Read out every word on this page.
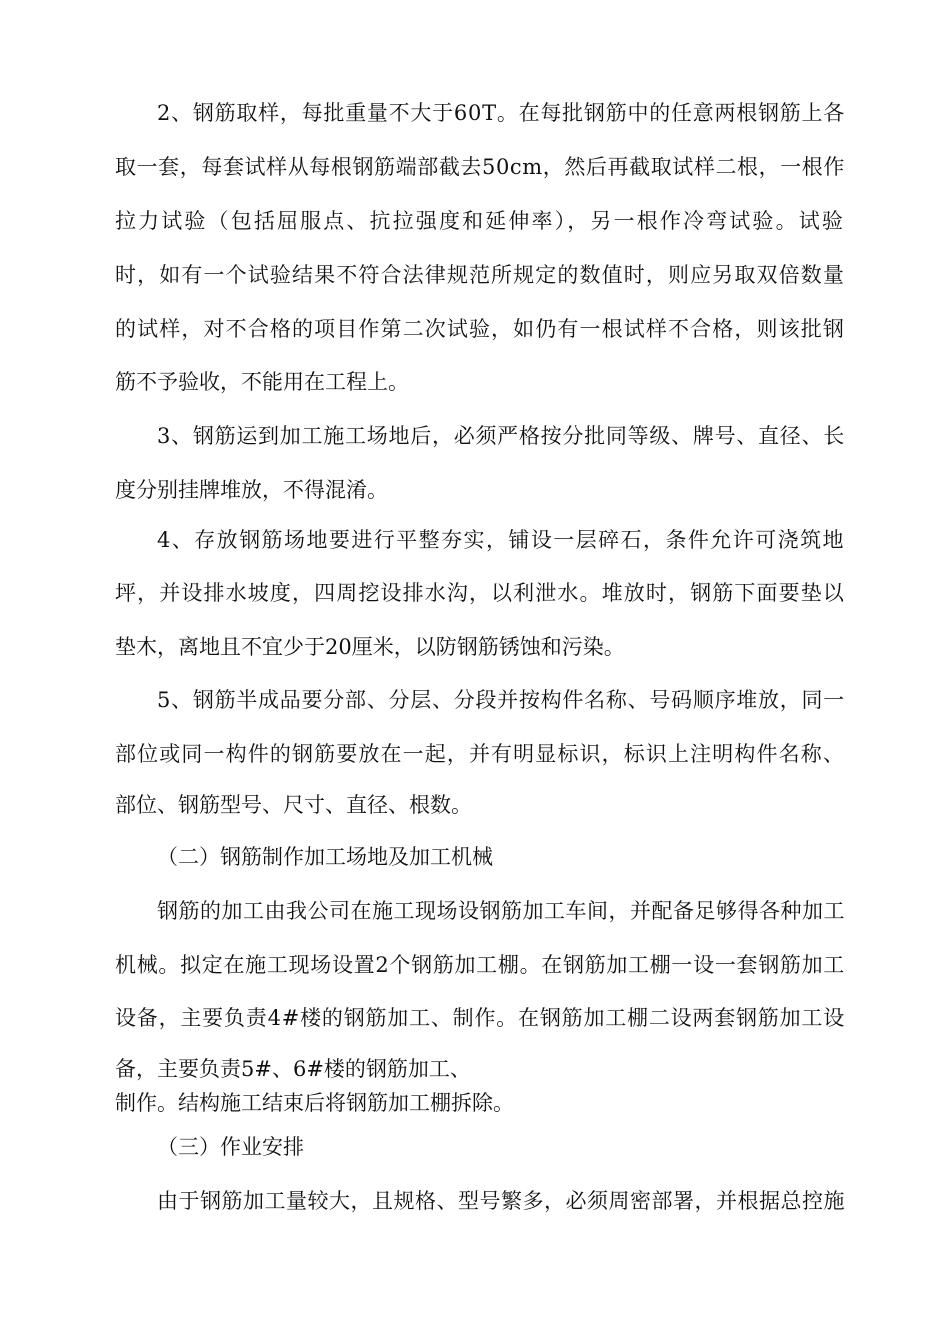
2、钢筋取样，每批重量不大于60T。在每批钢筋中的任意两根钢筋上各
取一套，每套试样从每根钢筋端部截去50cm，然后再截取试样二根，一根作
拉力试验（包括屈服点、抗拉强度和延伸率），另一根作冷弯试验。试验
时，如有一个试验结果不符合法律规范所规定的数值时，则应另取双倍数量
的试样，对不合格的项目作第二次试验，如仍有一根试样不合格，则该批钢
筋不予验收，不能用在工程上。
3、钢筋运到加工施工场地后，必须严格按分批同等级、牌号、直径、长
度分别挂牌堆放，不得混淆。
4、存放钢筋场地要进行平整夯实，铺设一层碎石，条件允许可浇筑地
坪，并设排水坡度，四周挖设排水沟，以利泄水。堆放时，钢筋下面要垫以
垫木，离地且不宜少于20厘米，以防钢筋锈蚀和污染。
5、钢筋半成品要分部、分层、分段并按构件名称、号码顺序堆放，同一
部位或同一构件的钢筋要放在一起，并有明显标识，标识上注明构件名称、
部位、钢筋型号、尺寸、直径、根数。
（二）钢筋制作加工场地及加工机械
钢筋的加工由我公司在施工现场设钢筋加工车间，并配备足够得各种加工
机械。拟定在施工现场设置2个钢筋加工棚。在钢筋加工棚一设一套钢筋加工
设备，主要负责4#楼的钢筋加工、制作。在钢筋加工棚二设两套钢筋加工设
备，主要负责5#、6#楼的钢筋加工、
制作。结构施工结束后将钢筋加工棚拆除。
（三）作业安排
由于钢筋加工量较大，且规格、型号繁多，必须周密部署，并根据总控施
